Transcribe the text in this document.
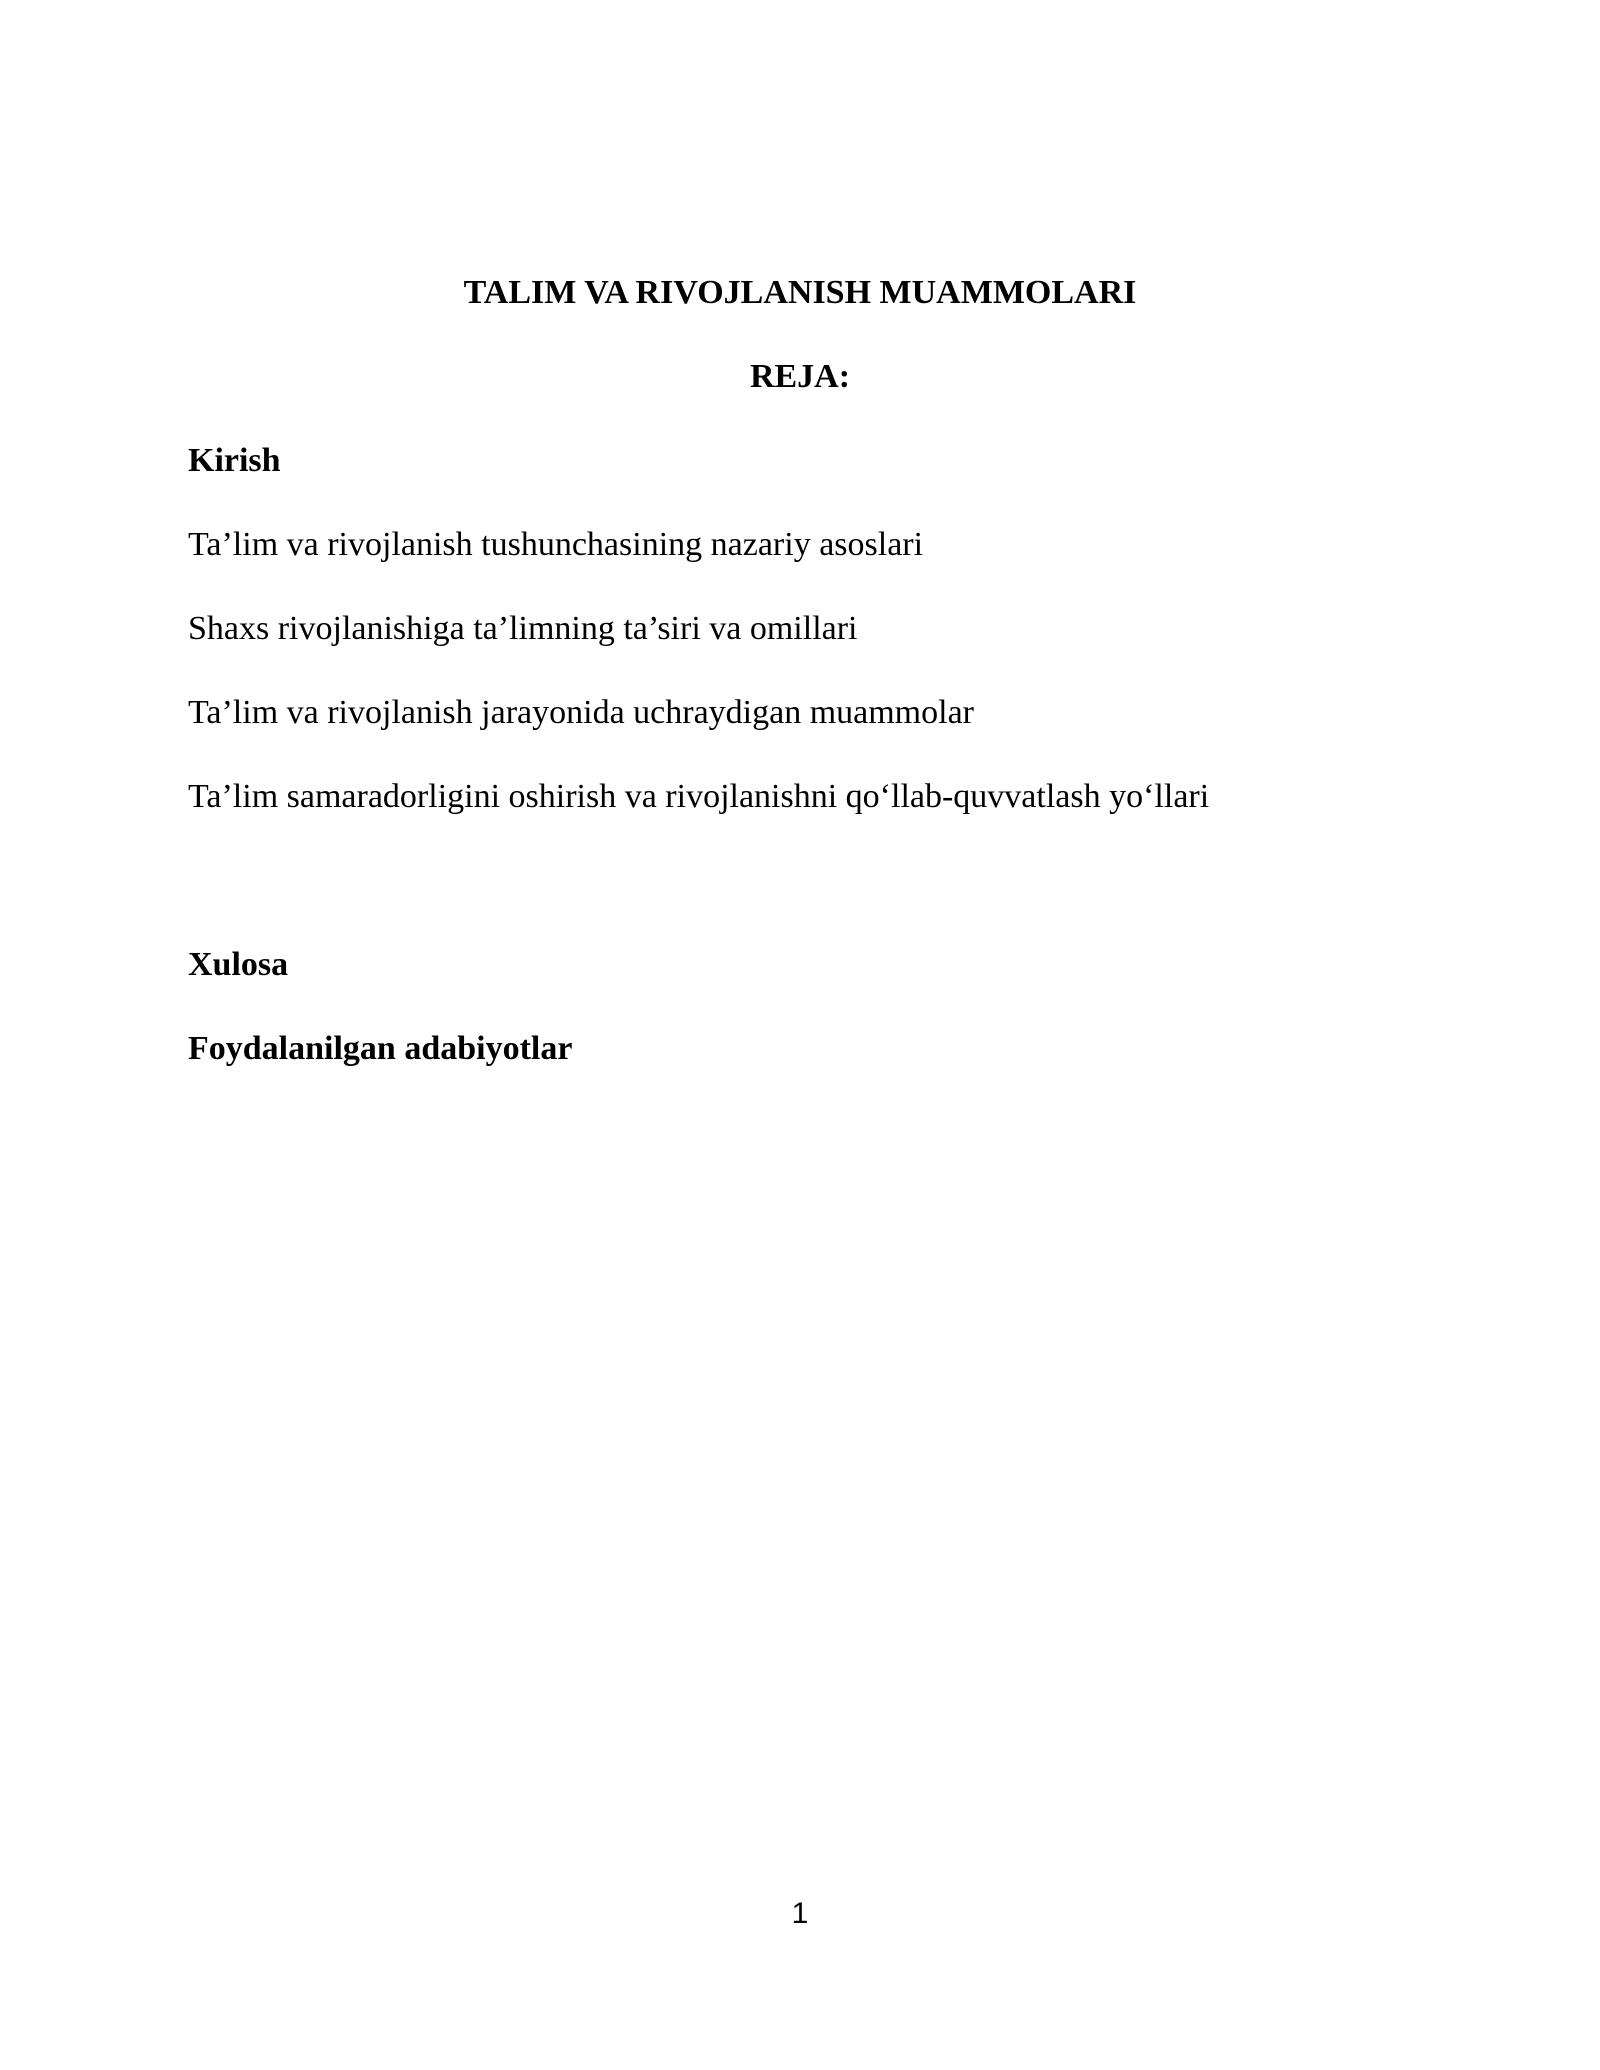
TALIM VA RIVOJLANISH MUAMMOLARI
REJA:

Kirish

Ta’lim va rivojlanish tushunchasining nazariy asoslari

Shaxs rivojlanishiga ta’limning ta’siri va omillari

Ta’lim va rivojlanish jarayonida uchraydigan muammolar

Ta’lim samaradorligini oshirish va rivojlanishni qo‘llab-quvvatlash yo‘llari

Xulosa

Foydalanilgan adabiyotlar

1
